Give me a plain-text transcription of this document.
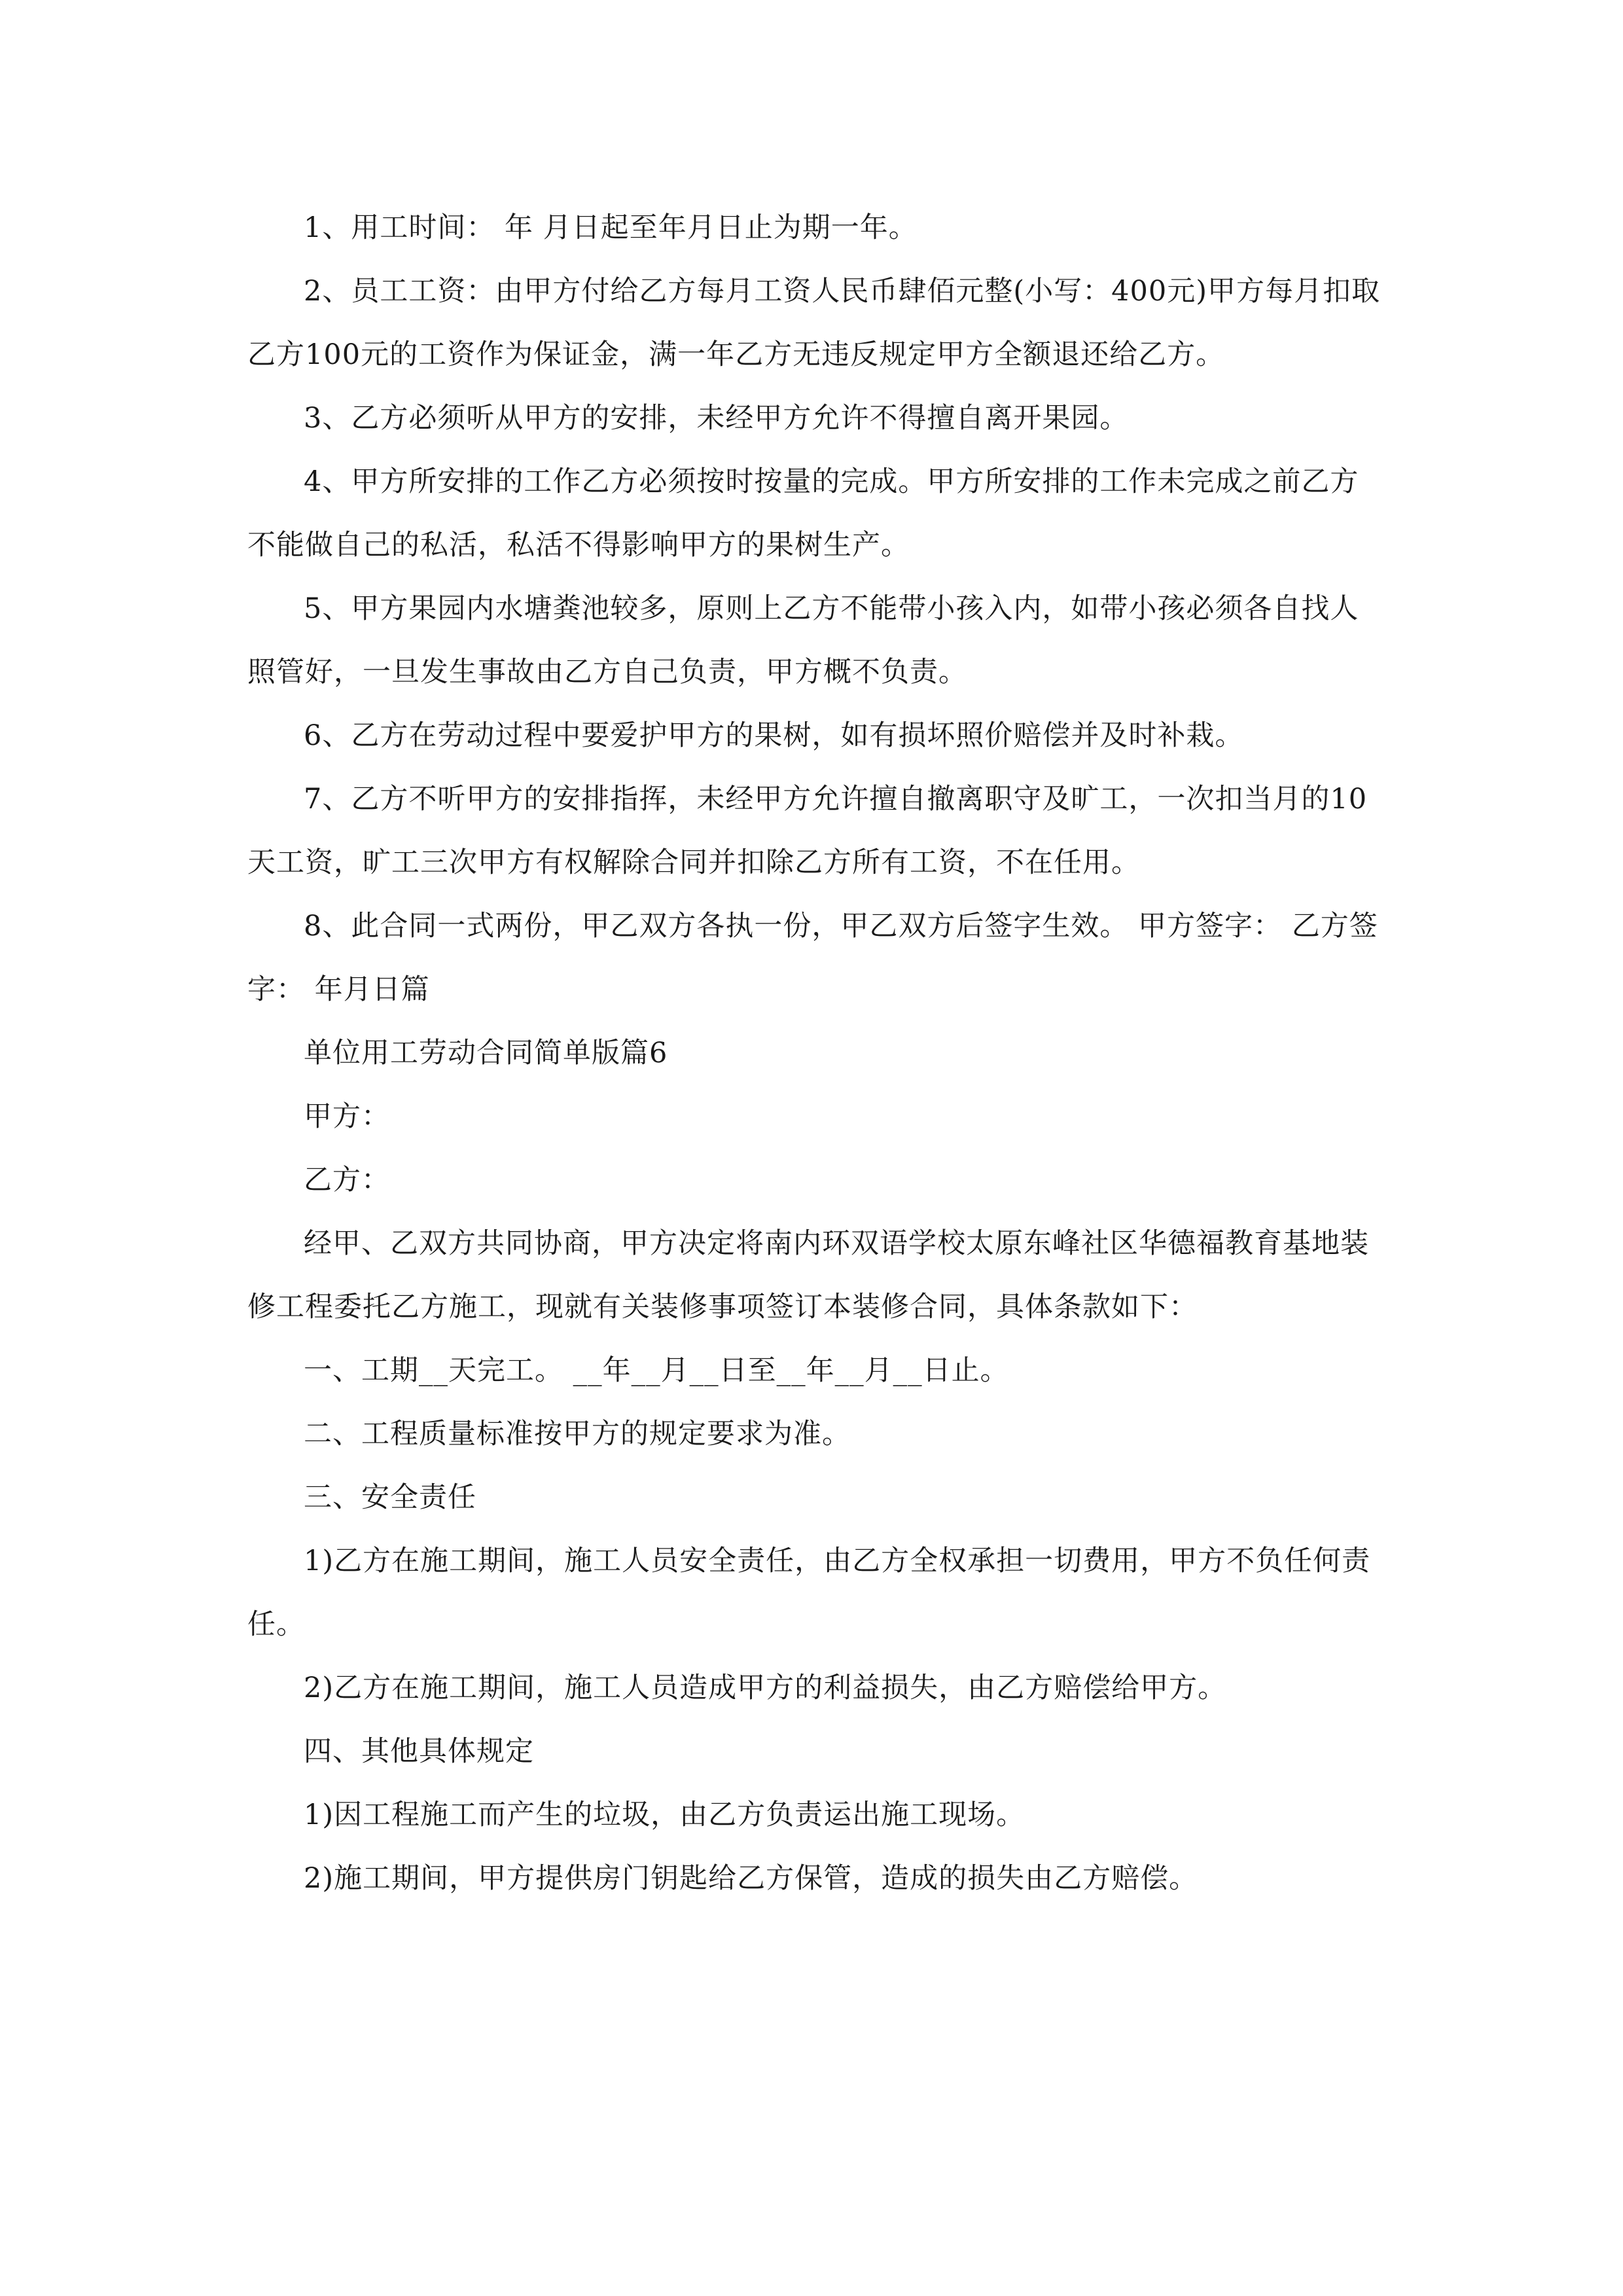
1、用工时间： 年 月日起至年月日止为期一年。

2、员工工资：由甲方付给乙方每月工资人民币肆佰元整(小写：400元)甲方每月扣取乙方100元的工资作为保证金，满一年乙方无违反规定甲方全额退还给乙方。

3、乙方必须听从甲方的安排，未经甲方允许不得擅自离开果园。

4、甲方所安排的工作乙方必须按时按量的完成。甲方所安排的工作未完成之前乙方不能做自己的私活，私活不得影响甲方的果树生产。

5、甲方果园内水塘粪池较多，原则上乙方不能带小孩入内，如带小孩必须各自找人照管好，一旦发生事故由乙方自己负责，甲方概不负责。

6、乙方在劳动过程中要爱护甲方的果树，如有损坏照价赔偿并及时补栽。

7、乙方不听甲方的安排指挥，未经甲方允许擅自撤离职守及旷工，一次扣当月的10天工资，旷工三次甲方有权解除合同并扣除乙方所有工资，不在任用。

8、此合同一式两份，甲乙双方各执一份，甲乙双方后签字生效。 甲方签字： 乙方签字： 年月日篇

单位用工劳动合同简单版篇6

甲方：

乙方：

经甲、乙双方共同协商，甲方决定将南内环双语学校太原东峰社区华德福教育基地装修工程委托乙方施工，现就有关装修事项签订本装修合同，具体条款如下：

一、工期__天完工。 __年__月__日至__年__月__日止。

二、工程质量标准按甲方的规定要求为准。

三、安全责任

1)乙方在施工期间，施工人员安全责任，由乙方全权承担一切费用，甲方不负任何责任。

2)乙方在施工期间，施工人员造成甲方的利益损失，由乙方赔偿给甲方。

四、其他具体规定

1)因工程施工而产生的垃圾，由乙方负责运出施工现场。

2)施工期间，甲方提供房门钥匙给乙方保管，造成的损失由乙方赔偿。
